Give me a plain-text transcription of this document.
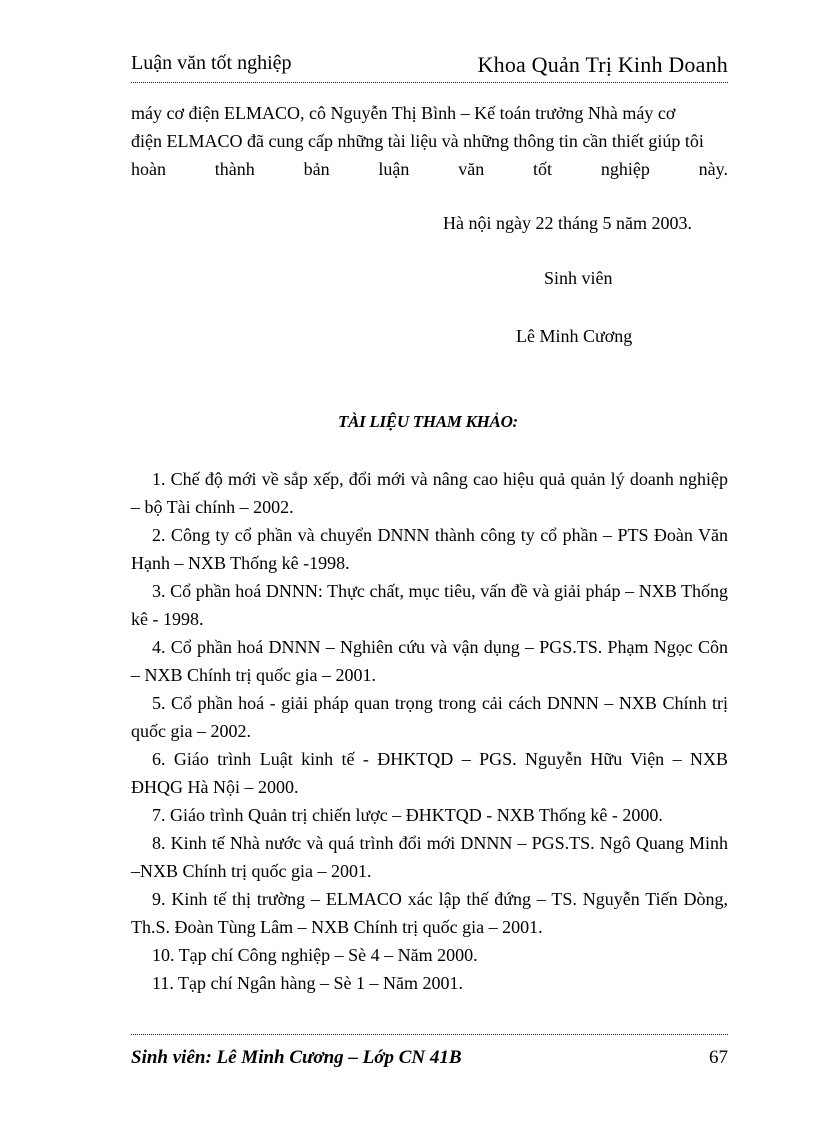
Luận văn tốt nghiệp	Khoa Quản Trị Kinh Doanh

máy cơ điện ELMACO, cô Nguyễn Thị Bình – Kế toán trưởng Nhà máy cơ

điện ELMACO đã cung cấp những tài liệu và những thông tin cần thiết giúp tôi

hoàn thành bản luận văn tốt nghiệp này.

Hà nội ngày 22 tháng 5 năm 2003.
Sinh viên
Lê Minh Cương
TÀI LIỆU THAM KHẢO:
1. Chế độ mới về sắp xếp, đổi mới và nâng cao hiệu quả quản lý doanh nghiệp – bộ Tài chính – 2002.
2. Công ty cổ phần và chuyển DNNN thành công ty cổ phần – PTS Đoàn Văn Hạnh – NXB Thống kê -1998.
3. Cổ phần hoá DNNN: Thực chất, mục tiêu, vấn đề và giải pháp – NXB Thống kê - 1998.
4. Cổ phần hoá DNNN – Nghiên cứu và vận dụng – PGS.TS. Phạm Ngọc Côn – NXB Chính trị quốc gia – 2001.
5. Cổ phần hoá - giải pháp quan trọng trong cải cách DNNN – NXB Chính trị quốc gia – 2002.
6. Giáo trình Luật kinh tế - ĐHKTQD – PGS. Nguyễn Hữu Viện – NXB ĐHQG Hà Nội – 2000.
7. Giáo trình Quản trị chiến lược – ĐHKTQD - NXB Thống kê - 2000.
8. Kinh tế Nhà nước và quá trình đổi mới DNNN – PGS.TS. Ngô Quang Minh –NXB Chính trị quốc gia – 2001.
9. Kinh tế thị trường – ELMACO xác lập thế đứng – TS. Nguyễn Tiến Dòng, Th.S. Đoàn Tùng Lâm – NXB Chính trị quốc gia – 2001.
10. Tạp chí Công nghiệp – Sè 4 – Năm 2000.
11. Tạp chí Ngân hàng – Sè 1 – Năm 2001.
Sinh viên: Lê Minh Cương – Lớp CN 41B	67
